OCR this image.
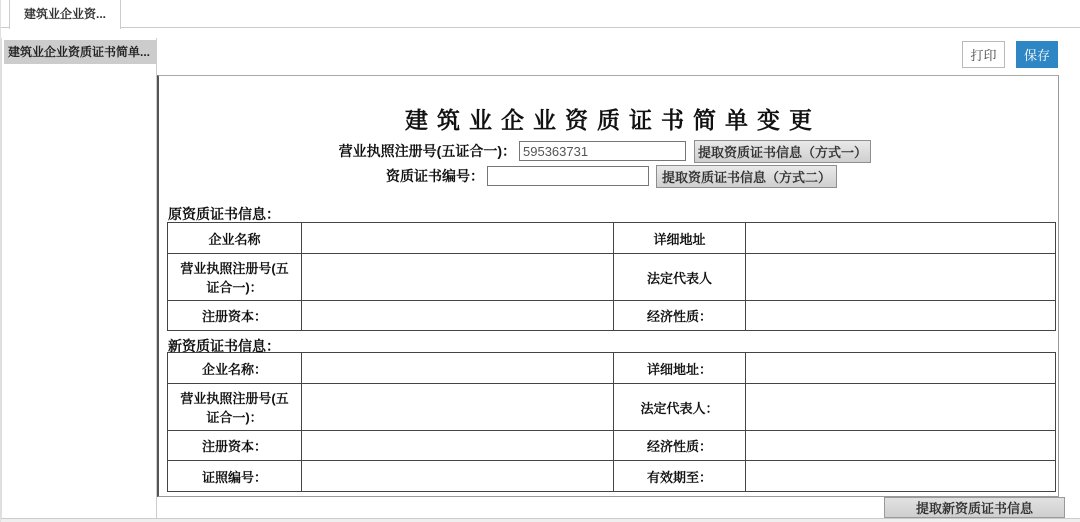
建筑业企业资...
建筑业企业资质证书简单...	打印	保存
建筑业企业资质证书简单变更
营业执照注册号(五证合一)：
595363731	提取资质证书信息（方式一）
资质证书编号：	提取资质证书信息（方式二）
原资质证书信息：
企业名称		详细地址	
营业执照注册号(五证合一)：		法定代表人	
注册资本：		经济性质：	
新资质证书信息：
企业名称：		详细地址：	
营业执照注册号(五证合一)：		法定代表人：	
注册资本：		经济性质：	
证照编号：		有效期至：	
提取新资质证书信息
